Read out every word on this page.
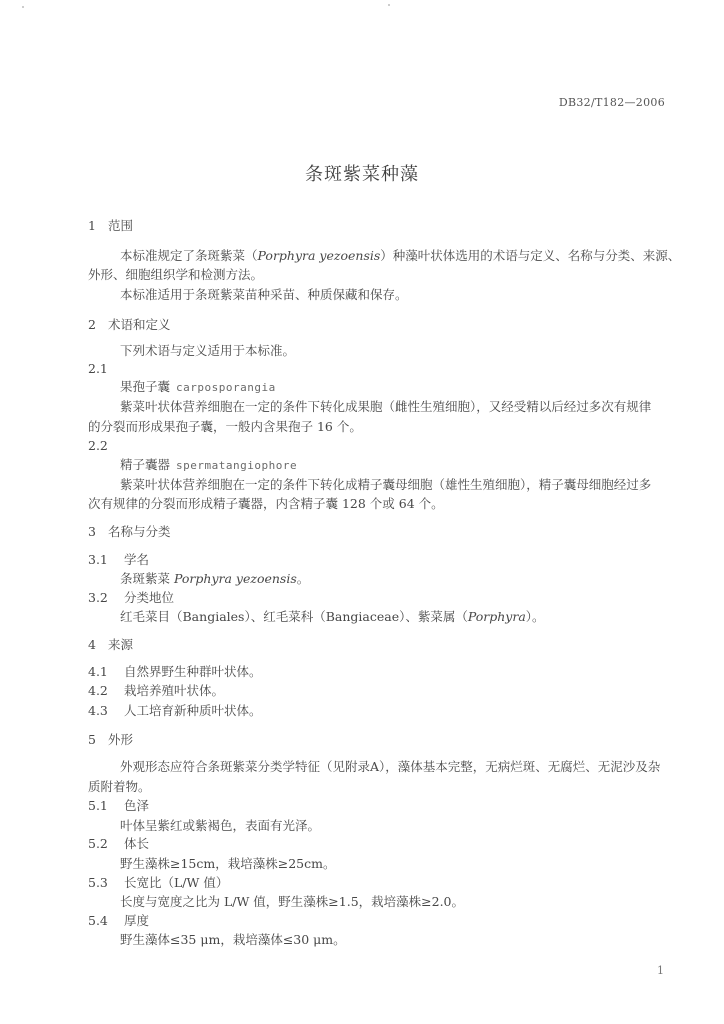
DB32/T182—2006
条斑紫菜种藻
1 范围
本标准规定了条斑紫菜（Porphyra yezoensis）种藻叶状体选用的术语与定义、名称与分类、来源、
外形、细胞组织学和检测方法。
本标准适用于条斑紫菜苗种采苗、种质保藏和保存。
2 术语和定义
下列术语与定义适用于本标准。
2.1
果孢子囊 carposporangia
紫菜叶状体营养细胞在一定的条件下转化成果胞（雌性生殖细胞），又经受精以后经过多次有规律
的分裂而形成果孢子囊，一般内含果孢子 16 个。
2.2
精子囊器 spermatangiophore
紫菜叶状体营养细胞在一定的条件下转化成精子囊母细胞（雄性生殖细胞），精子囊母细胞经过多
次有规律的分裂而形成精子囊器，内含精子囊 128 个或 64 个。
3 名称与分类
3.1 学名
条斑紫菜 Porphyra yezoensis。
3.2 分类地位
红毛菜目（Bangiales）、红毛菜科（Bangiaceae）、紫菜属（Porphyra）。
4 来源
4.1 自然界野生种群叶状体。
4.2 栽培养殖叶状体。
4.3 人工培育新种质叶状体。
5 外形
外观形态应符合条斑紫菜分类学特征（见附录A），藻体基本完整，无病烂斑、无腐烂、无泥沙及杂
质附着物。
5.1 色泽
叶体呈紫红或紫褐色，表面有光泽。
5.2 体长
野生藻株≥15cm，栽培藻株≥25cm。
5.3 长宽比（L/W 值）
长度与宽度之比为 L/W 值，野生藻株≥1.5，栽培藻株≥2.0。
5.4 厚度
野生藻体≤35 μm，栽培藻体≤30 μm。
1
